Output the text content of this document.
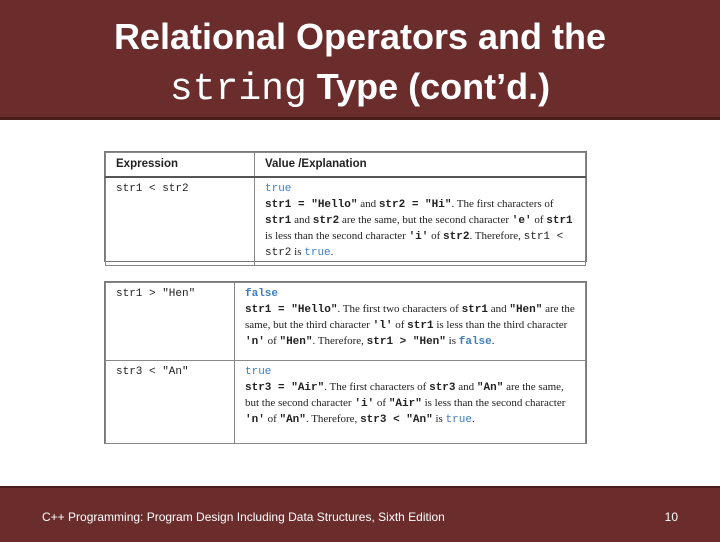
Relational Operators and the
string Type (cont’d.)
Expression	Value /Explanation
str1 < str2	true
str1 = "Hello" and str2 = "Hi". The first characters of str1 and str2 are the same, but the second character 'e' of str1 is less than the second character 'i' of str2. Therefore, str1 < str2 is true.
str1 > "Hen"	false
str1 = "Hello". The first two characters of str1 and "Hen" are the same, but the third character 'l' of str1 is less than the third character 'n' of "Hen". Therefore, str1 > "Hen" is false.
str3 < "An"	true
str3 = "Air". The first characters of str3 and "An" are the same, but the second character 'i' of "Air" is less than the second character 'n' of "An". Therefore, str3 < "An" is true.
C++ Programming: Program Design Including Data Structures, Sixth Edition	10
